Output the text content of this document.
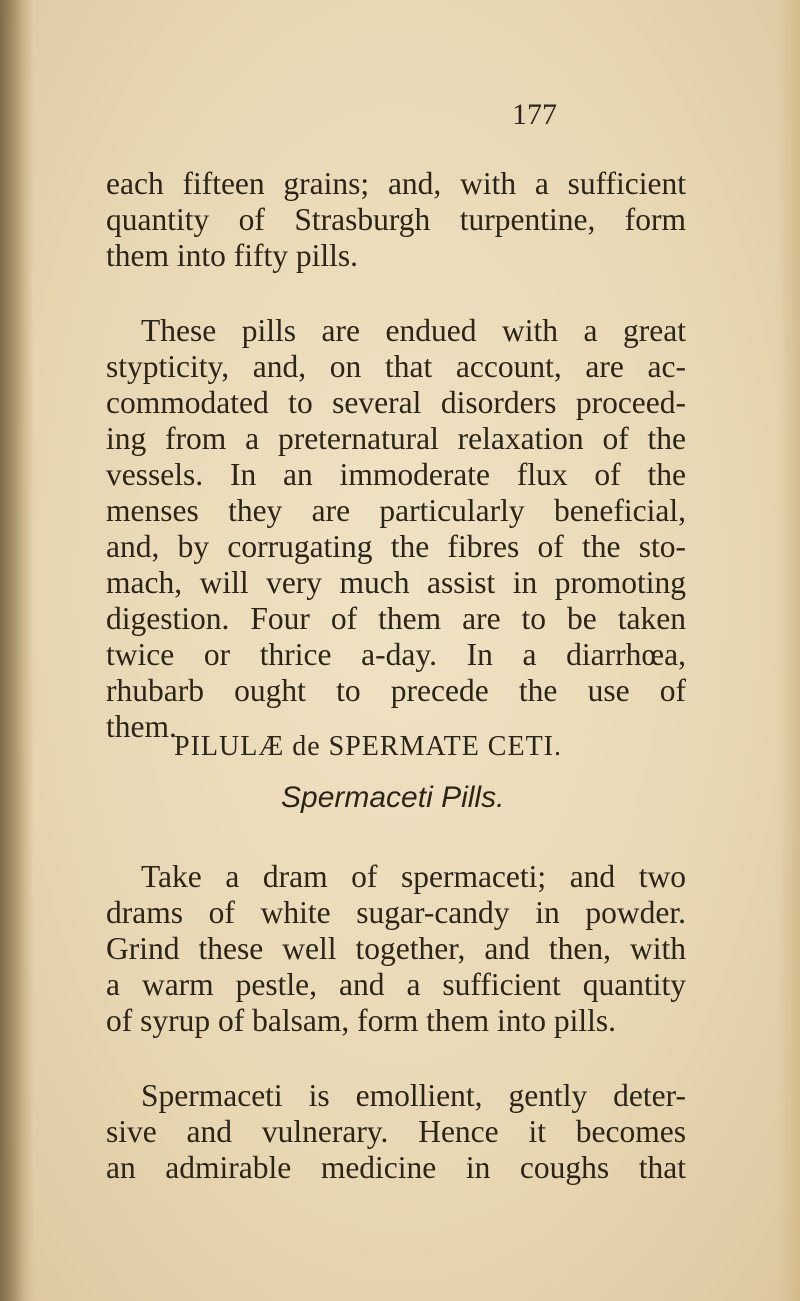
177
each fifteen grains; and, with a sufficient
quantity of Strasburgh turpentine, form
them into fifty pills.
These pills are endued with a great
stypticity, and, on that account, are ac-
commodated to several disorders proceed-
ing from a preternatural relaxation of the
vessels. In an immoderate flux of the
menses they are particularly beneficial,
and, by corrugating the fibres of the sto-
mach, will very much assist in promoting
digestion. Four of them are to be taken
twice or thrice a-day. In a diarrhœa,
rhubarb ought to precede the use of
them.
PILULÆ de SPERMATE CETI.
Spermaceti Pills.
Take a dram of spermaceti; and two
drams of white sugar-candy in powder.
Grind these well together, and then, with
a warm pestle, and a sufficient quantity
of syrup of balsam, form them into pills.
Spermaceti is emollient, gently deter-
sive and vulnerary. Hence it becomes
an admirable medicine in coughs that
